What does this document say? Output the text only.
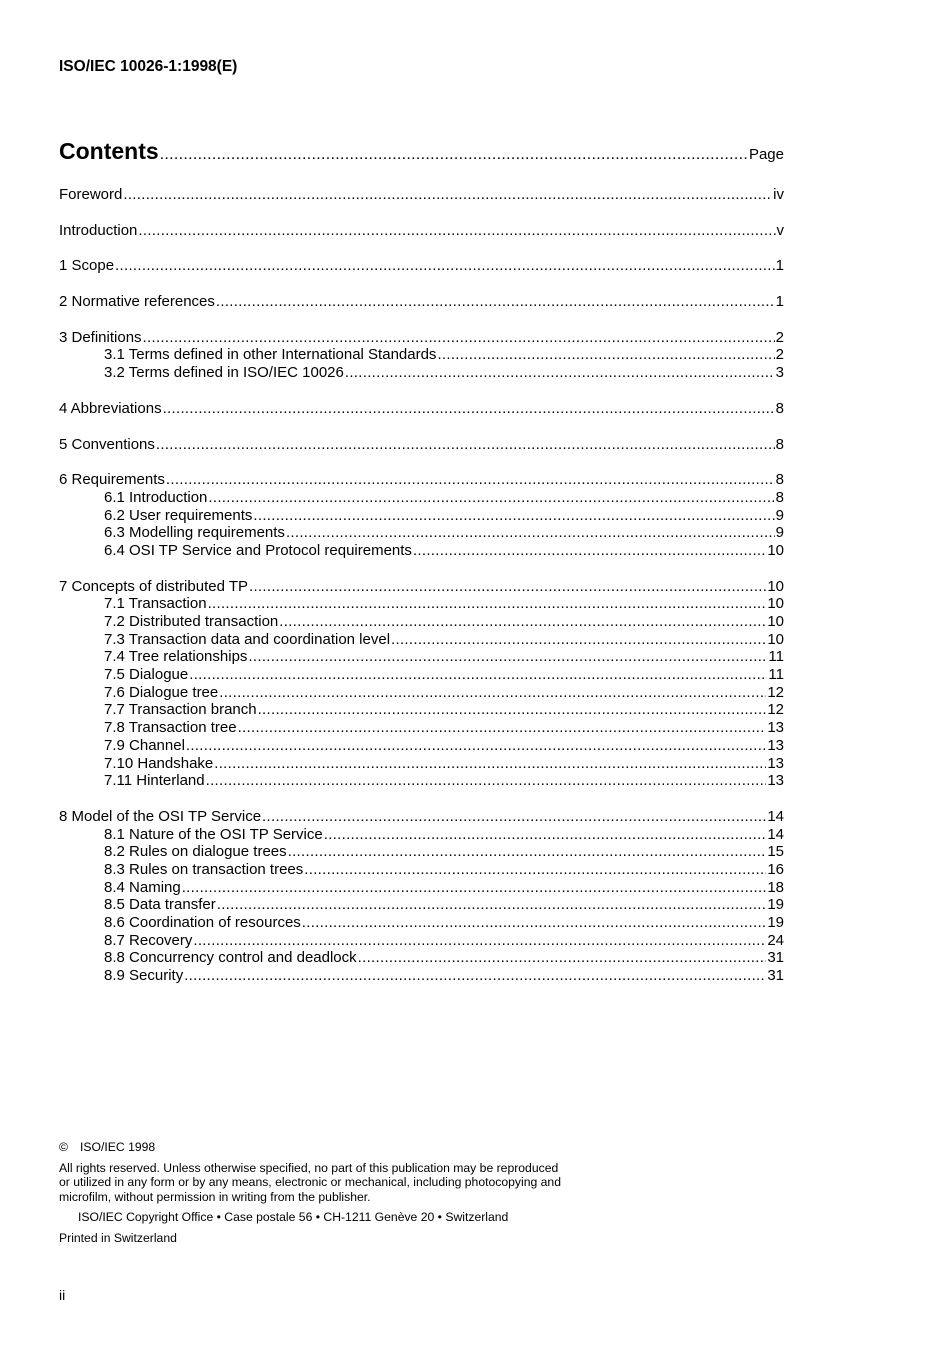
ISO/IEC 10026-1:1998(E)
Contents .....	Page
Foreword .....	iv
Introduction .....	v
1 Scope .....	1
2 Normative references .....	1
3 Definitions .....	2
3.1 Terms defined in other International Standards .....	2
3.2 Terms defined in ISO/IEC 10026 .....	3
4 Abbreviations .....	8
5 Conventions .....	8
6 Requirements .....	8
6.1 Introduction .....	8
6.2 User requirements .....	9
6.3 Modelling requirements .....	9
6.4 OSI TP Service and Protocol requirements .....	10
7 Concepts of distributed TP .....	10
7.1 Transaction .....	10
7.2 Distributed transaction .....	10
7.3 Transaction data and coordination level .....	10
7.4 Tree relationships .....	11
7.5 Dialogue .....	11
7.6 Dialogue tree .....	12
7.7 Transaction branch .....	12
7.8 Transaction tree .....	13
7.9 Channel .....	13
7.10 Handshake .....	13
7.11 Hinterland .....	13
8 Model of the OSI TP Service .....	14
8.1 Nature of the OSI TP Service .....	14
8.2 Rules on dialogue trees .....	15
8.3 Rules on transaction trees .....	16
8.4 Naming .....	18
8.5 Data transfer .....	19
8.6 Coordination of resources .....	19
8.7 Recovery .....	24
8.8 Concurrency control and deadlock .....	31
8.9 Security .....	31
© ISO/IEC 1998
All rights reserved. Unless otherwise specified, no part of this publication may be reproduced
or utilized in any form or by any means, electronic or mechanical, including photocopying and
microfilm, without permission in writing from the publisher.
ISO/IEC Copyright Office • Case postale 56 • CH-1211 Genève 20 • Switzerland
Printed in Switzerland
ii
